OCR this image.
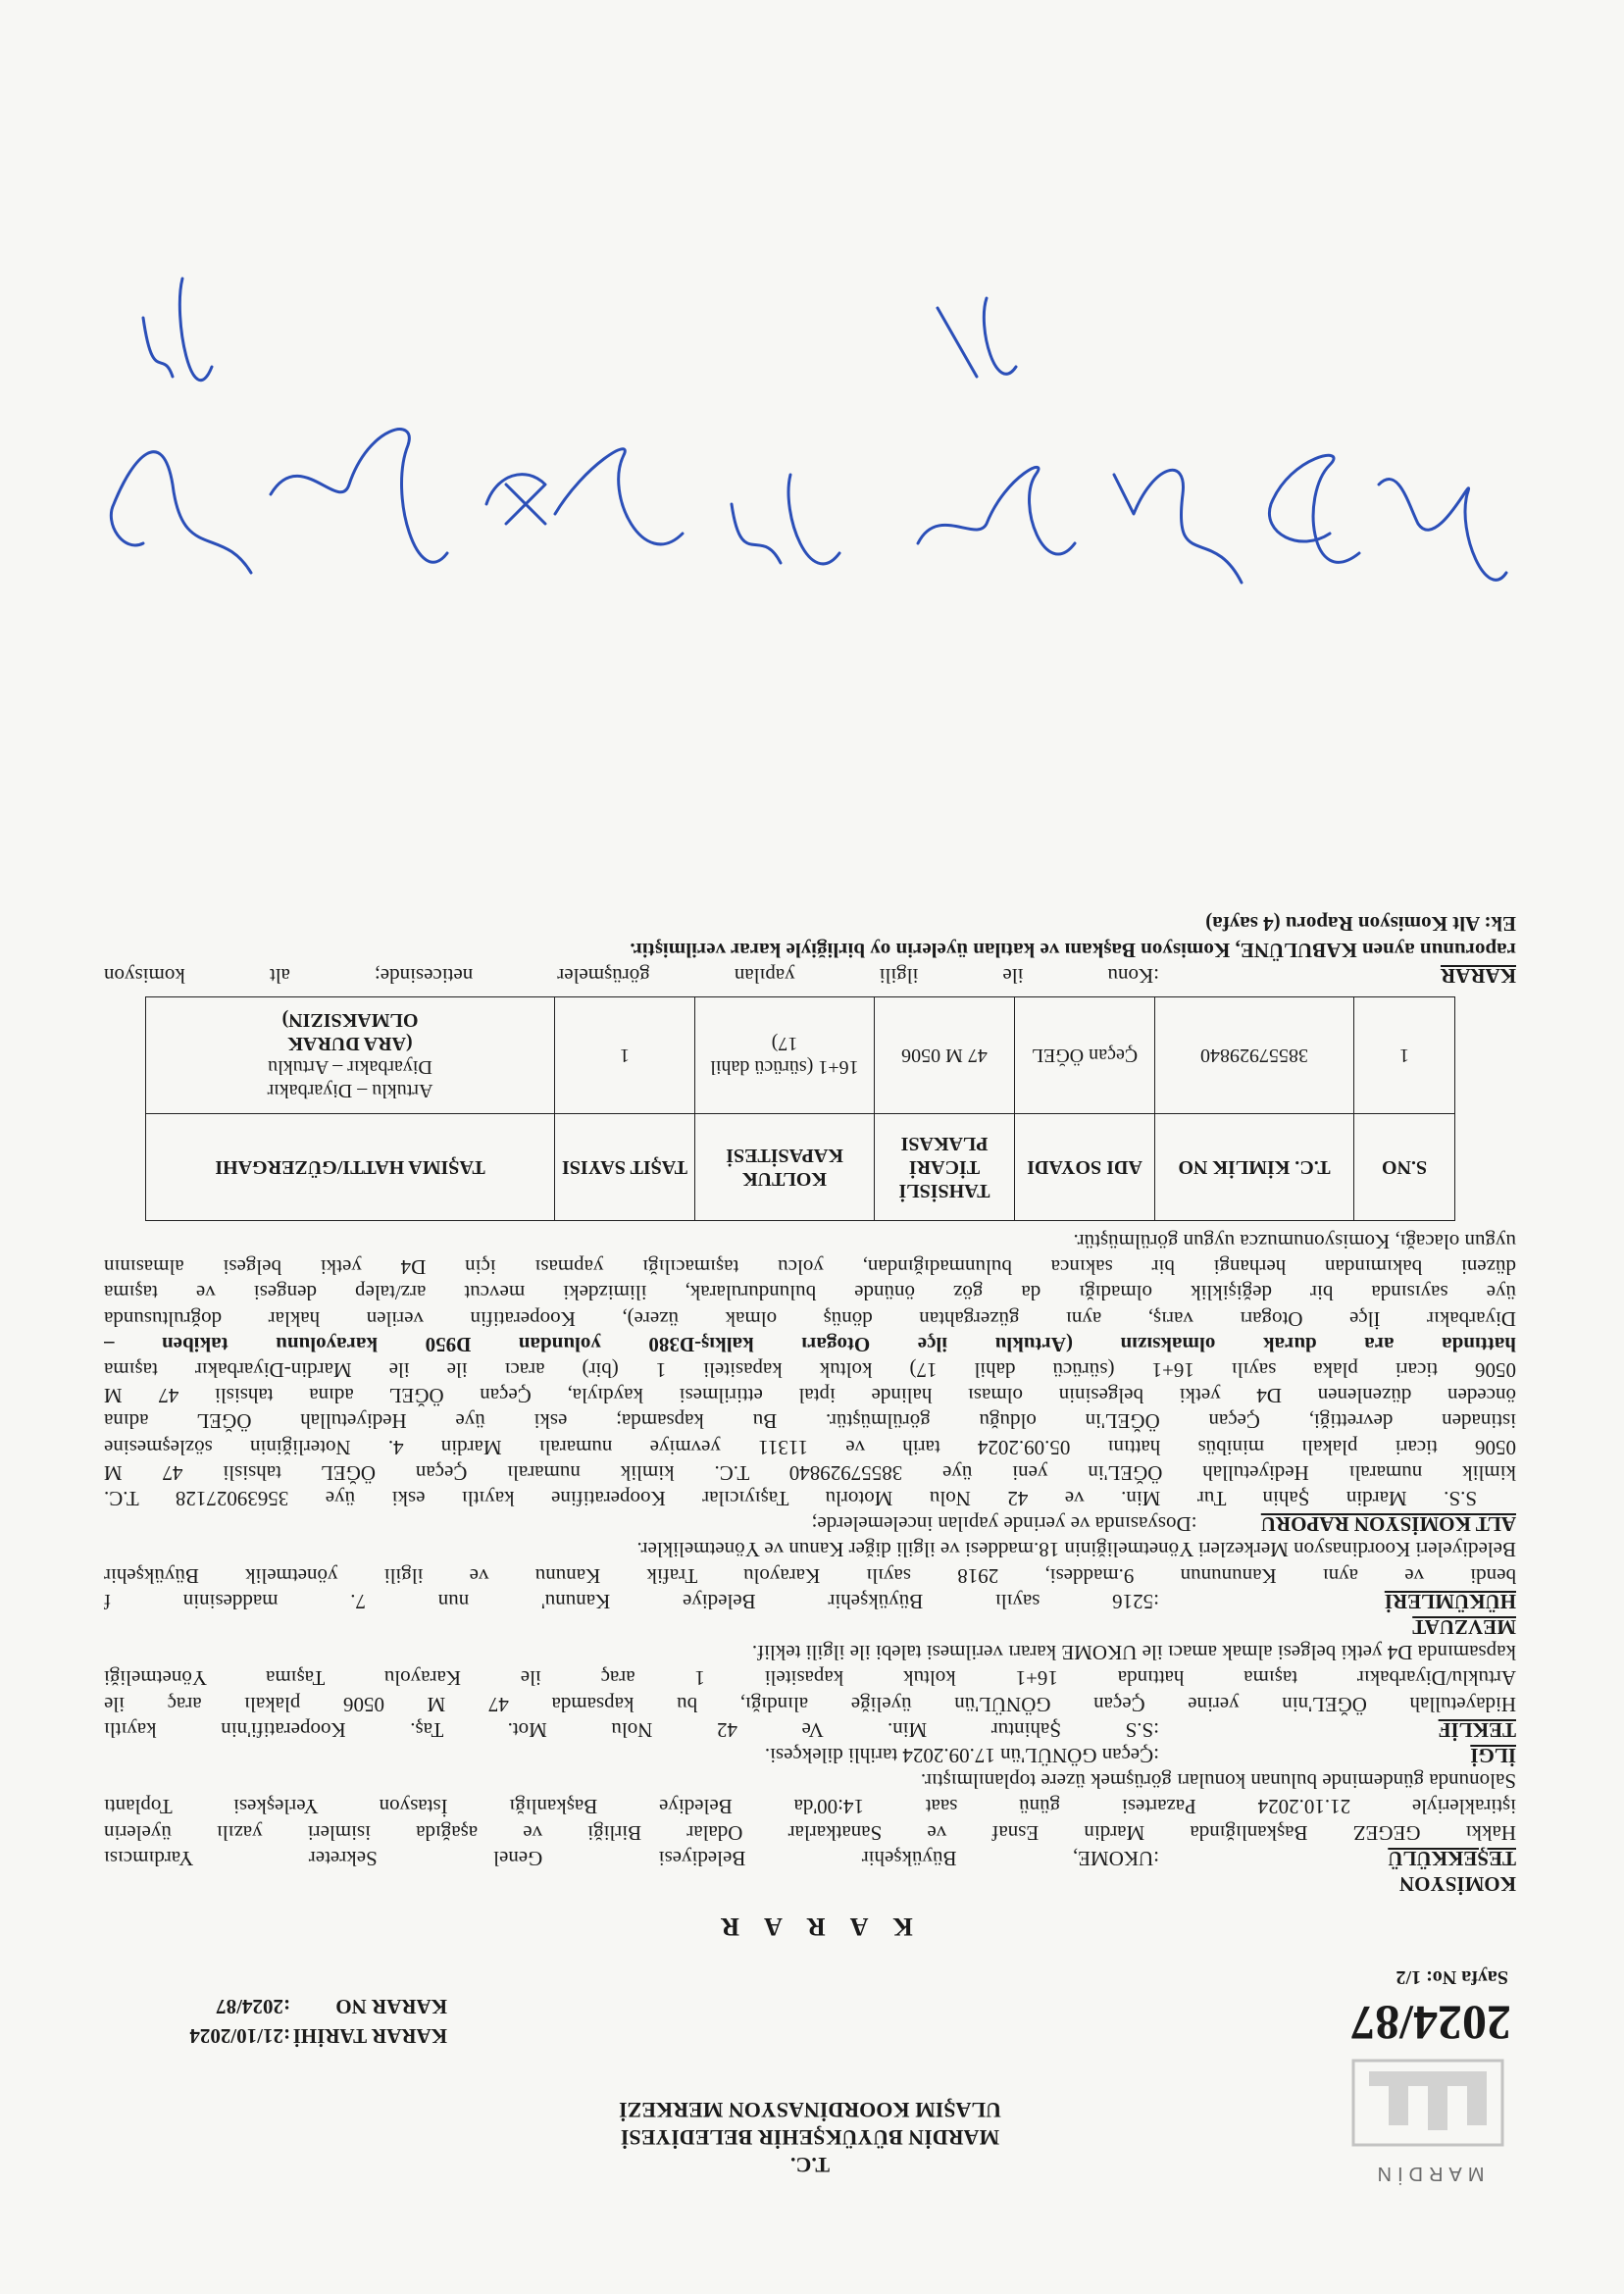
MARDİN
T.C.
MARDİN BÜYÜKŞEHİR BELEDİYESİ
ULAŞIM KOORDİNASYON MERKEZİ
KARAR TARİHİ
:21/10/2024
KARAR NO
:2024/87	2024/87
Sayfa No: 1/2
K A R A R
KOMİSYON
TEŞEKKÜLÜ
:UKOME, Büyükşehir Belediyesi Genel Sekreter Yardımcısı
Hakkı GEGEZ Başkanlığında Mardin Esnaf ve Sanatkarlar Odalar Birliği ve aşağıda isimleri yazılı üyelerin
iştirakleriyle 21.10.2024 Pazartesi günü saat 14:00'da Belediye Başkanlığı İstasyon Yerleşkesi Toplantı
Salonunda gündeminde bulunan konuları görüşmek üzere toplanılmıştır.
İLGİ
:Çeçan GÖNÜL'ün 17.09.2024 tarihli dilekçesi.
TEKLİF
:S.S Şahintur Min. Ve 42 Nolu Mot. Taş. Kooperatifi'nin kayıtlı
Hidayetullah ÖĞEL'nin yerine Çeçan GÖNÜL'ün üyeliğe alındığı, bu kapsamda 47 M 0506 plakalı araç ile
Artuklu/Diyarbakır taşıma hattında 16+1 koltuk kapasiteli 1 araç ile Karayolu Taşıma Yönetmeliği
kapsamında D4 yetki belgesi almak amacı ile UKOME kararı verilmesi talebi ile ilgili teklif.
MEVZUAT
HÜKÜMLERİ
:5216 sayılı Büyükşehir Belediye Kanunu' nun 7. maddesinin f
bendi ve aynı Kanununun 9.maddesi, 2918 sayılı Karayolu Trafik Kanunu ve ilgili yönetmelik Büyükşehir
Belediyeleri Koordinasyon Merkezleri Yönetmeliğinin 18.maddesi ve ilgili diğer Kanun ve Yönetmelikler.
ALT KOMİSYON RAPORU :Dosyasında ve yerinde yapılan incelemelerde;
S.S. Mardin Şahin Tur Min. ve 42 Nolu Motorlu Taşıyıcılar Kooperatifine kayıtlı eski üye 35639027128 T.C.
kimlik numaralı Hediyetullah ÖĞEL'in yeni üye 38557929840 T.C. kimlik numaralı Çeçan ÖĞEL tahsisli 47 M
0506 ticari plakalı minibüs hattını 05.09.2024 tarih ve 11311 yevmiye numaralı Mardin 4. Noterliğinin sözleşmesine
istinaden devrettiği, Çeçan ÖĞEL'in olduğu görülmüştür. Bu kapsamda; eski üye Hediyetullah ÖĞEL adına
önceden düzenlenen D4 yetki belgesinin olması halinde iptal ettirilmesi kaydıyla, Çeçan ÖĞEL adına tahsisli 47 M
0506 ticari plaka sayılı 16+1 (sürücü dahil 17) koltuk kapasiteli 1 (bir) aracı ile ile Mardin-Diyarbakır taşıma
hattında ara durak olmaksızın (Artuklu ilçe Otogarı kalkış-D380 yolundan D950 karayolunu takiben –
Diyarbakır İlçe Otogarı varış, aynı güzergahtan dönüş olmak üzere), Kooperatifin verilen haklar doğrultusunda
üye sayısında bir değişiklik olmadığı da göz önünde bulundurularak, ilimizdeki mevcut arz/talep dengesi ve taşıma
düzeni bakımından herhangi bir sakınca bulunmadığından, yolcu taşımacılığı yapması için D4 yetki belgesi almasının
uygun olacağı, Komisyonumuzca uygun görülmüştür.
S.NO	T.C. KİMLİK NO	ADI SOYADI	TAHSİSLİ TİCARİ PLAKASI	KOLTUK KAPASİTESİ	TAŞIT SAYISI	TAŞIMA HATTI/GÜZERGAHI
1	38557929840	Çeçan ÖĞEL	47 M 0506	16+1 (sürücü dahil 17)	1	Artuklu – Diyarbakır
Diyarbakır – Artuklu
(ARA DURAK
OLMAKSIZIN)
KARAR
:Konu ile ilgili yapılan görüşmeler neticesinde; alt komisyon
raporunun aynen KABULÜNE, Komisyon Başkanı ve katılan üyelerin oy birliğiyle karar verilmiştir.
Ek: Alt Komisyon Raporu (4 sayfa)
